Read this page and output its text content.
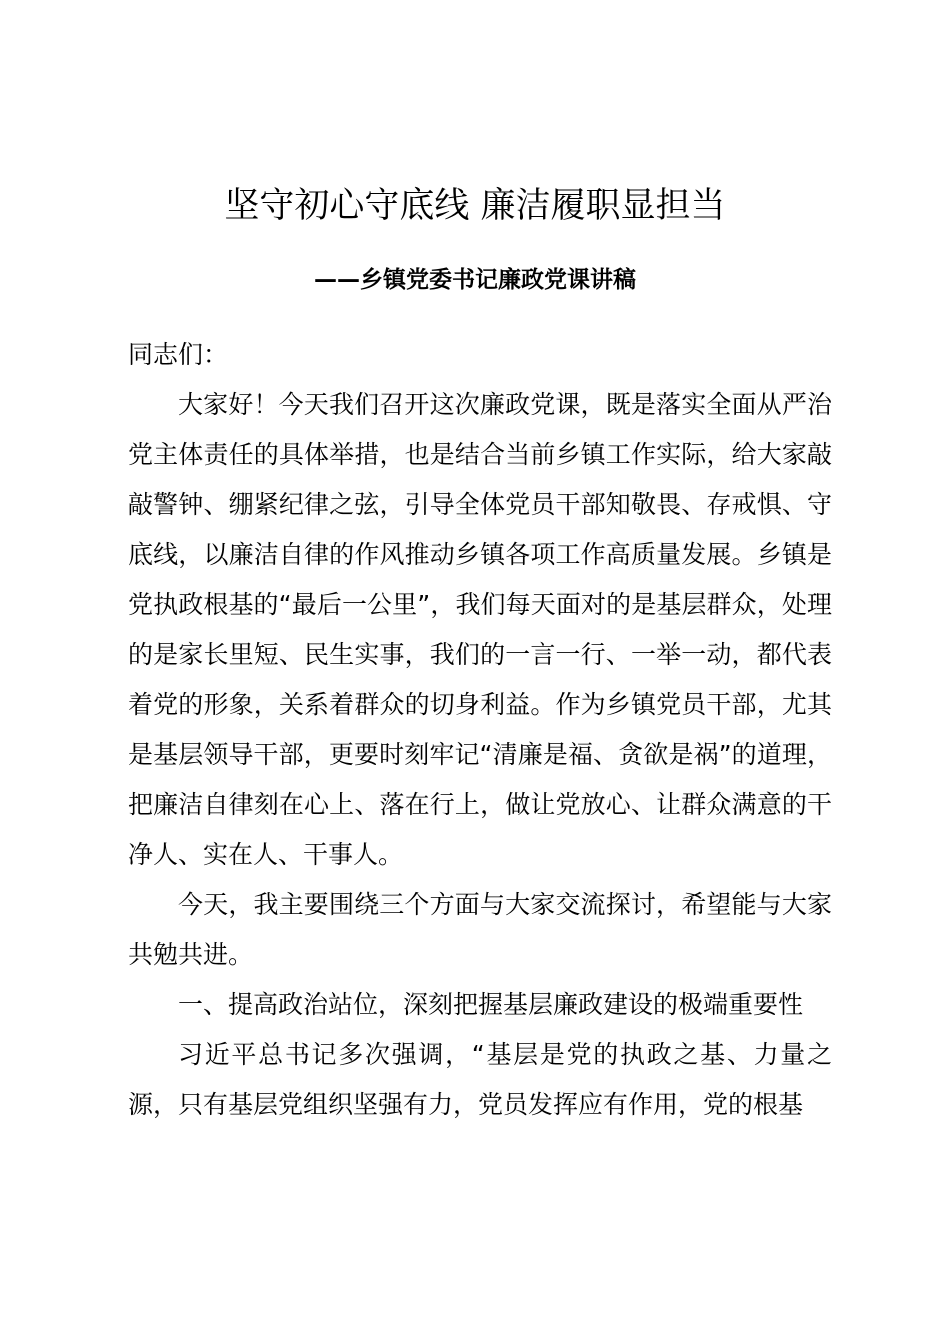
坚守初心守底线 廉洁履职显担当
——乡镇党委书记廉政党课讲稿

同志们：

大家好！今天我们召开这次廉政党课，既是落实全面从严治党主体责任的具体举措，也是结合当前乡镇工作实际，给大家敲敲警钟、绷紧纪律之弦，引导全体党员干部知敬畏、存戒惧、守底线，以廉洁自律的作风推动乡镇各项工作高质量发展。乡镇是党执政根基的“最后一公里”，我们每天面对的是基层群众，处理的是家长里短、民生实事，我们的一言一行、一举一动，都代表着党的形象，关系着群众的切身利益。作为乡镇党员干部，尤其是基层领导干部，更要时刻牢记“清廉是福、贪欲是祸”的道理，把廉洁自律刻在心上、落在行上，做让党放心、让群众满意的干净人、实在人、干事人。

今天，我主要围绕三个方面与大家交流探讨，希望能与大家共勉共进。

一、提高政治站位，深刻把握基层廉政建设的极端重要性

习近平总书记多次强调，“基层是党的执政之基、力量之源，只有基层党组织坚强有力，党员发挥应有作用，党的根基
